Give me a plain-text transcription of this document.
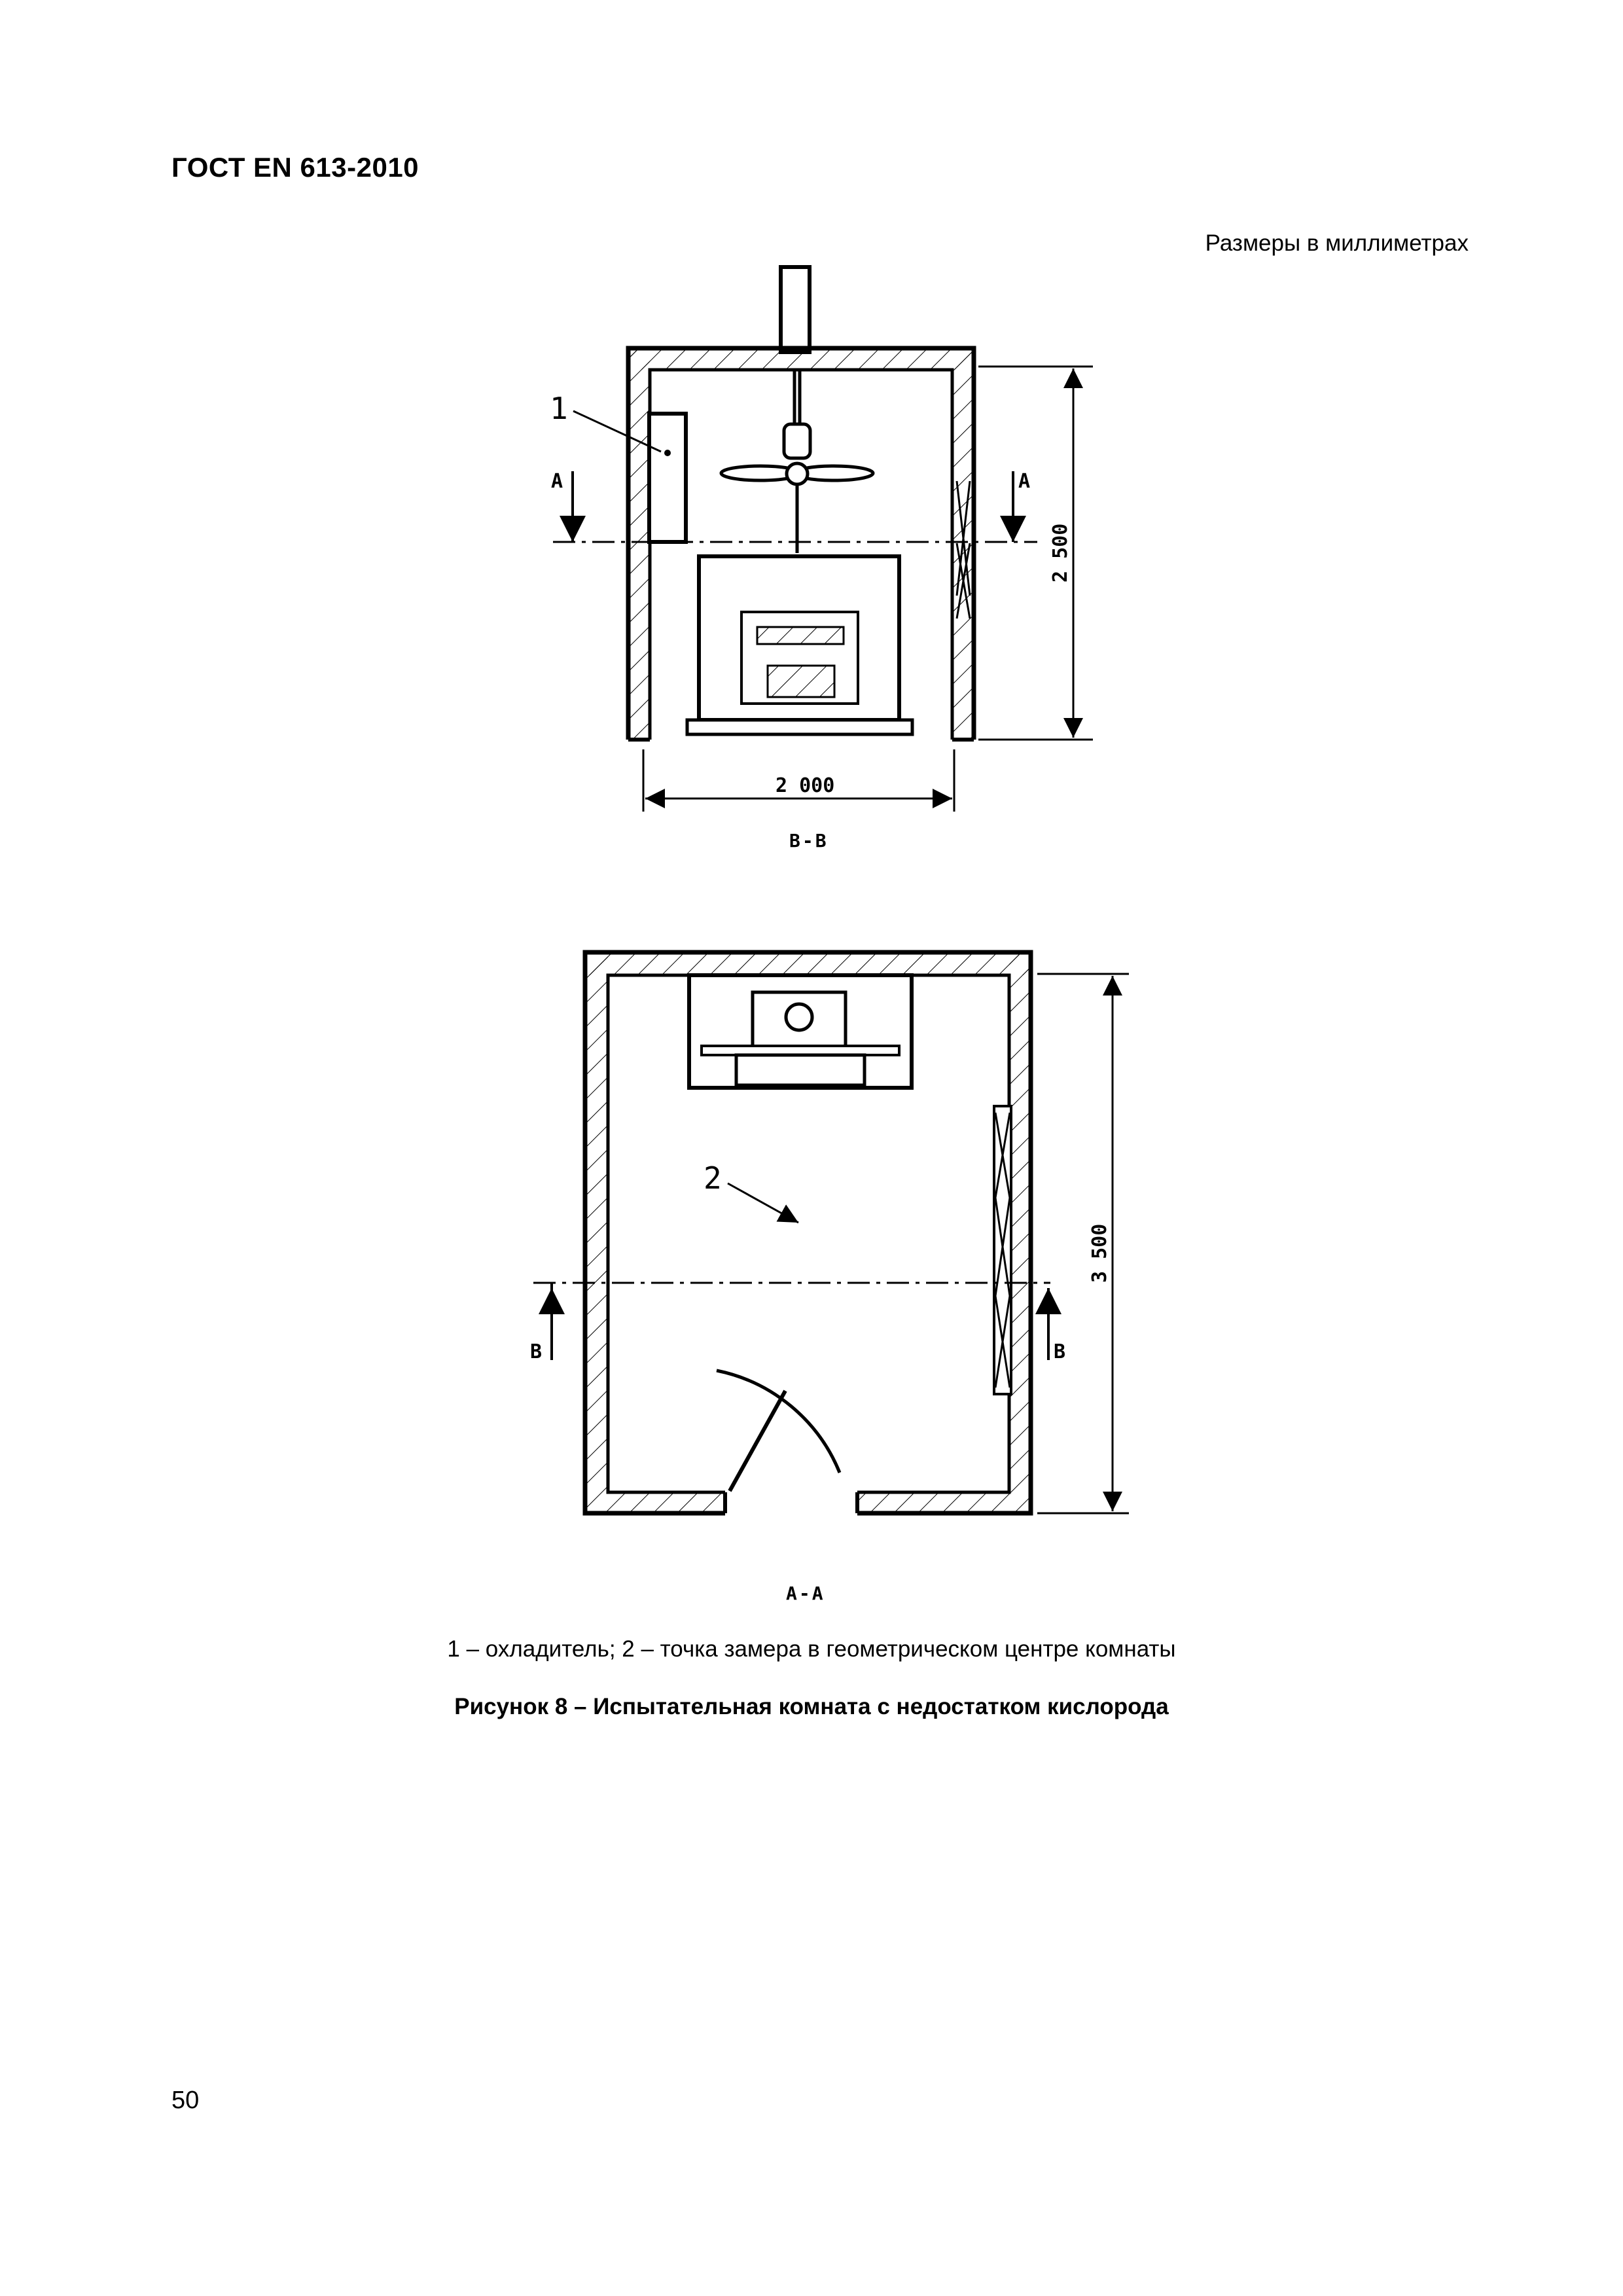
ГОСТ EN 613-2010
Размеры в миллиметрах
A	A
1
2 000
2 500
2
B	B
3 500
B-B
A-A
1 – охладитель; 2 – точка замера в геометрическом центре комнаты
Рисунок 8 – Испытательная комната с недостатком кислорода
50
